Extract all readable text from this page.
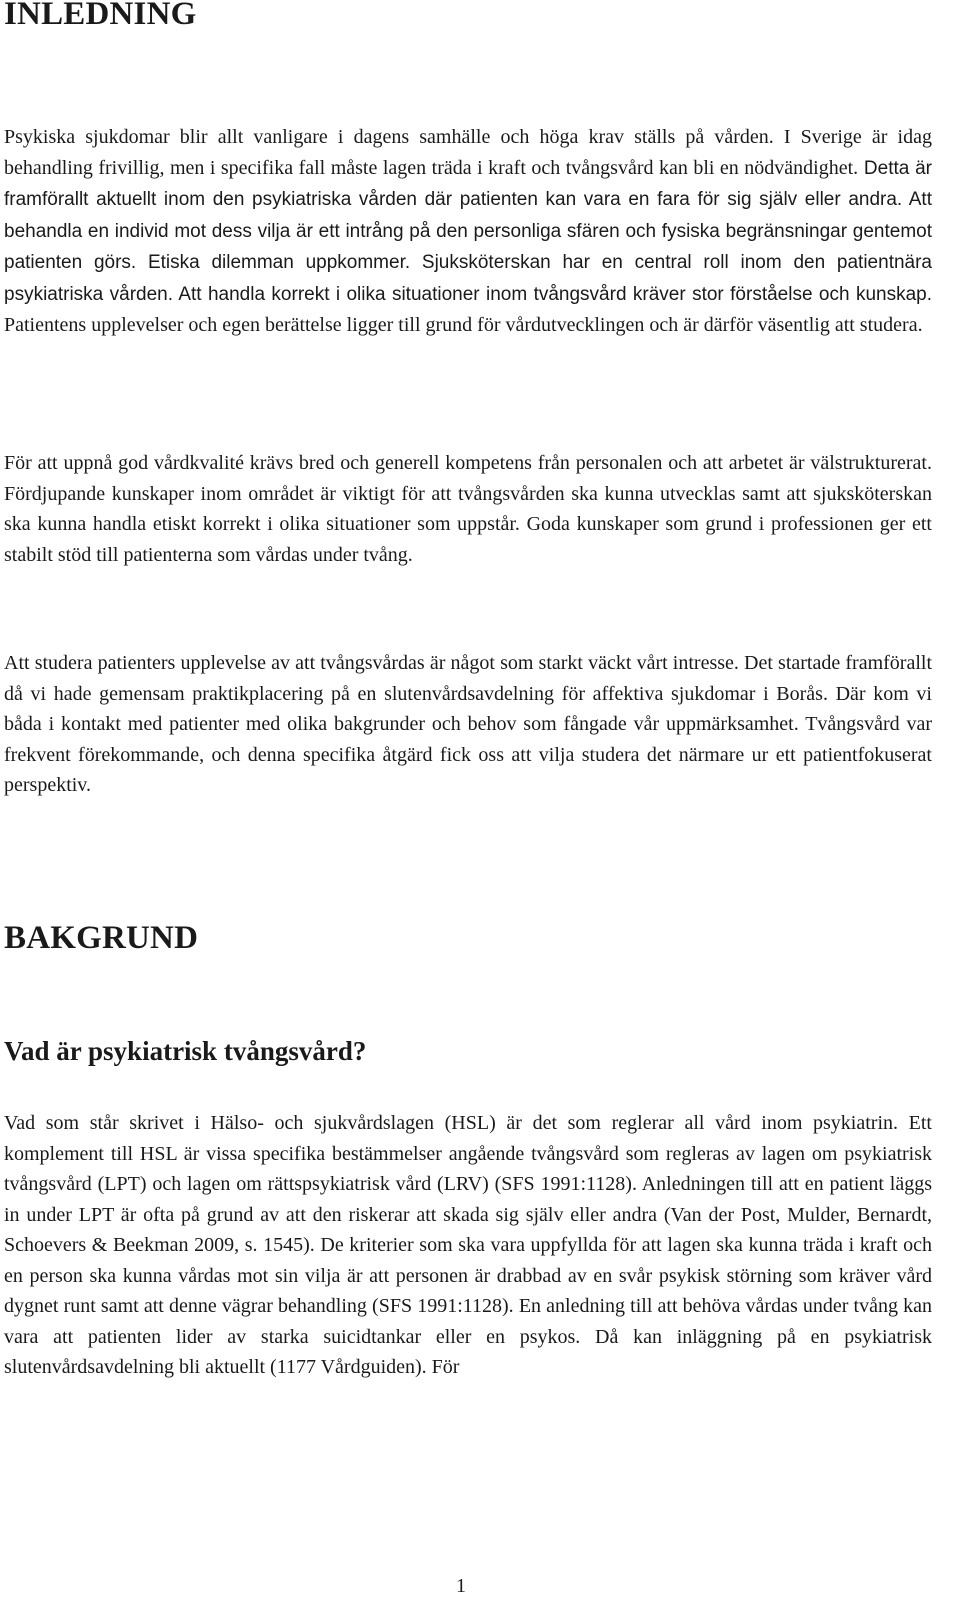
INLEDNING

Psykiska sjukdomar blir allt vanligare i dagens samhälle och höga krav ställs på vården. I Sverige är idag behandling frivillig, men i specifika fall måste lagen träda i kraft och tvångsvård kan bli en nödvändighet. Detta är framförallt aktuellt inom den psykiatriska vården där patienten kan vara en fara för sig själv eller andra. Att behandla en individ mot dess vilja är ett intrång på den personliga sfären och fysiska begränsningar gentemot patienten görs. Etiska dilemman uppkommer. Sjuksköterskan har en central roll inom den patientnära psykiatriska vården. Att handla korrekt i olika situationer inom tvångsvård kräver stor förståelse och kunskap. Patientens upplevelser och egen berättelse ligger till grund för vårdutvecklingen och är därför väsentlig att studera.

För att uppnå god vårdkvalité krävs bred och generell kompetens från personalen och att arbetet är välstrukturerat. Fördjupande kunskaper inom området är viktigt för att tvångsvården ska kunna utvecklas samt att sjuksköterskan ska kunna handla etiskt korrekt i olika situationer som uppstår. Goda kunskaper som grund i professionen ger ett stabilt stöd till patienterna som vårdas under tvång.

Att studera patienters upplevelse av att tvångsvårdas är något som starkt väckt vårt intresse. Det startade framförallt då vi hade gemensam praktikplacering på en slutenvårdsavdelning för affektiva sjukdomar i Borås. Där kom vi båda i kontakt med patienter med olika bakgrunder och behov som fångade vår uppmärksamhet. Tvångsvård var frekvent förekommande, och denna specifika åtgärd fick oss att vilja studera det närmare ur ett patientfokuserat perspektiv.

BAKGRUND
Vad är psykiatrisk tvångsvård?

Vad som står skrivet i Hälso- och sjukvårdslagen (HSL) är det som reglerar all vård inom psykiatrin. Ett komplement till HSL är vissa specifika bestämmelser angående tvångsvård som regleras av lagen om psykiatrisk tvångsvård (LPT) och lagen om rättspsykiatrisk vård (LRV) (SFS 1991:1128). Anledningen till att en patient läggs in under LPT är ofta på grund av att den riskerar att skada sig själv eller andra (Van der Post, Mulder, Bernardt, Schoevers & Beekman 2009, s. 1545). De kriterier som ska vara uppfyllda för att lagen ska kunna träda i kraft och en person ska kunna vårdas mot sin vilja är att personen är drabbad av en svår psykisk störning som kräver vård dygnet runt samt att denne vägrar behandling (SFS 1991:1128). En anledning till att behöva vårdas under tvång kan vara att patienten lider av starka suicidtankar eller en psykos. Då kan inläggning på en psykiatrisk slutenvårdsavdelning bli aktuellt (1177 Vårdguiden). För

1
